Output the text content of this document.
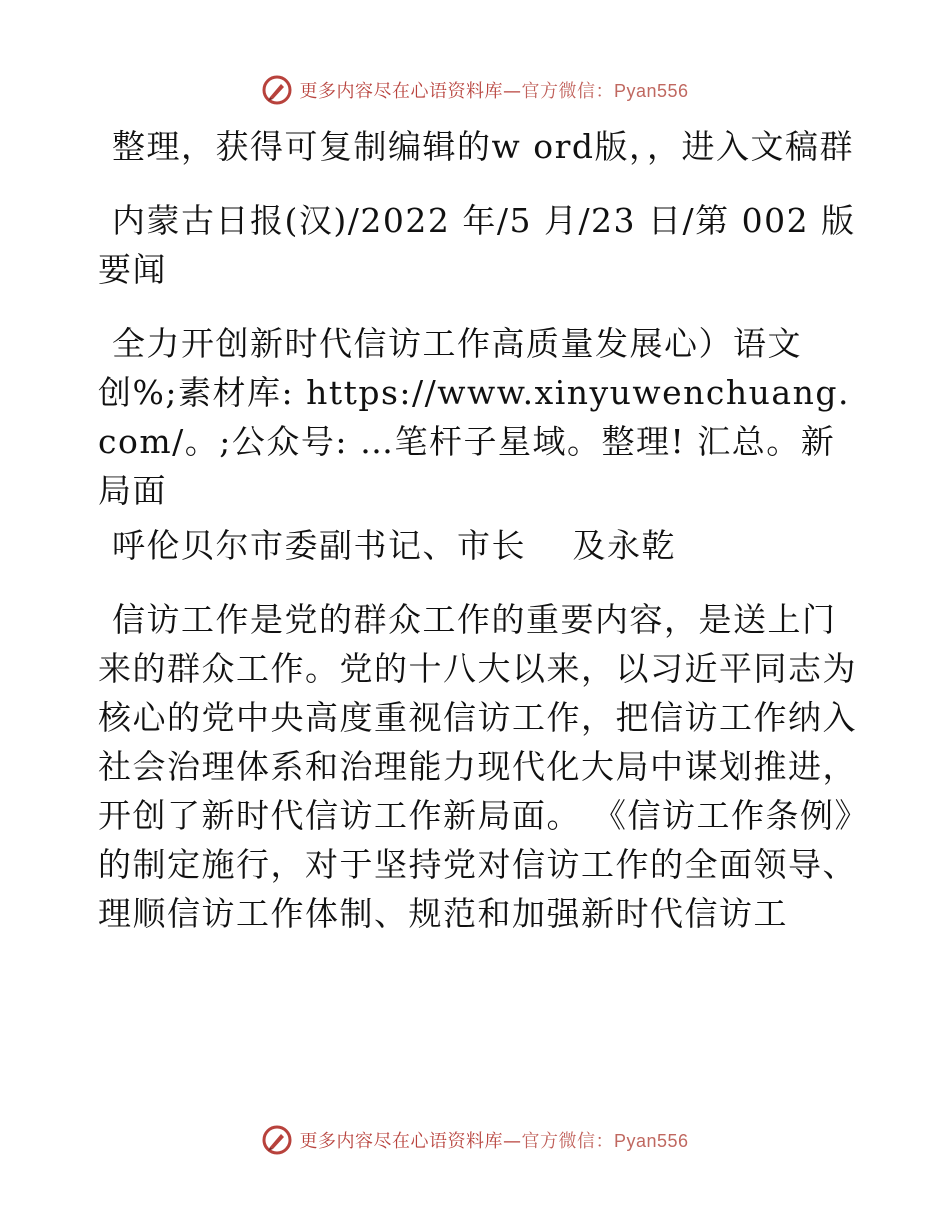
更多内容尽在心语资料库—官方微信：Pyan556

整理，获得可复制编辑的w ord版，，进入文稿群

内蒙古日报(汉)/2022 年/5 月/23 日/第 002 版要闻

全力开创新时代信访工作高质量发展心）语文创%;素材库: https://www.xinyuwenchuang.com/。;公众号: …笔杆子星域。整理! 汇总。新局面

呼伦贝尔市委副书记、市长　 及永乾

信访工作是党的群众工作的重要内容，是送上门来的群众工作。党的十八大以来，以习近平同志为核心的党中央高度重视信访工作，把信访工作纳入社会治理体系和治理能力现代化大局中谋划推进，开创了新时代信访工作新局面。 《信访工作条例》的制定施行，对于坚持党对信访工作的全面领导、理顺信访工作体制、规范和加强新时代信访工

更多内容尽在心语资料库—官方微信：Pyan556
